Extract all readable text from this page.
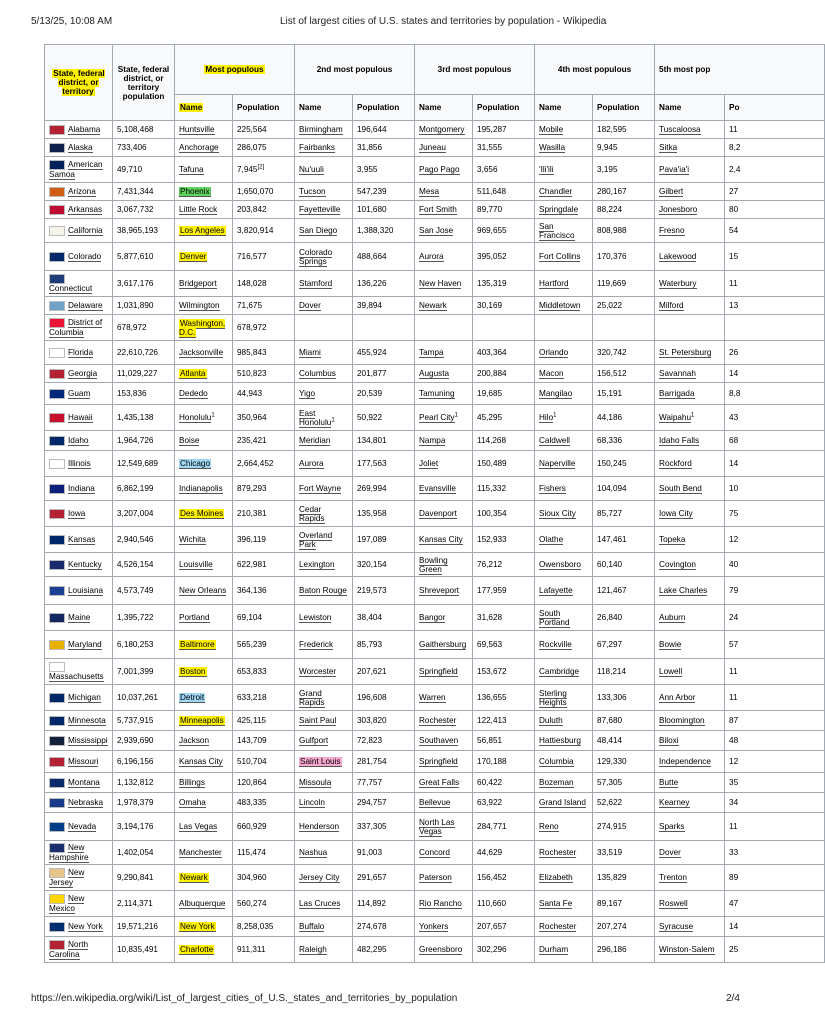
5/13/25, 10:08 AM	List of largest cities of U.S. states and territories by population - Wikipedia
State, federal district, or territory	State, federal district, or territory population	Most populous		2nd most populous		3rd most populous		4th most populous		5th most pop	
		Name	Population	Name	Population	Name	Population	Name	Population	Name	Po
Alabama	5,108,468	Huntsville	225,564	Birmingham	196,644	Montgomery	195,287	Mobile	182,595	Tuscaloosa	11
Alaska	733,406	Anchorage	286,075	Fairbanks	31,856	Juneau	31,555	Wasilla	9,945	Sitka	8,2
American Samoa	49,710	Tafuna	7,945[2]	Nu'uuli	3,955	Pago Pago	3,656	'Ili'ili	3,195	Pava'ia'i	2,4
Arizona	7,431,344	Phoenix	1,650,070	Tucson	547,239	Mesa	511,648	Chandler	280,167	Gilbert	27
Arkansas	3,067,732	Little Rock	203,842	Fayetteville	101,680	Fort Smith	89,770	Springdale	88,224	Jonesboro	80
California	38,965,193	Los Angeles	3,820,914	San Diego	1,388,320	San Jose	969,655	San Francisco	808,988	Fresno	54
Colorado	5,877,610	Denver	716,577	Colorado Springs	488,664	Aurora	395,052	Fort Collins	170,376	Lakewood	15
Connecticut	3,617,176	Bridgeport	148,028	Stamford	136,226	New Haven	135,319	Hartford	119,669	Waterbury	11
Delaware	1,031,890	Wilmington	71,675	Dover	39,894	Newark	30,169	Middletown	25,022	Milford	13
District of Columbia	678,972	Washington, D.C.	678,972								
Florida	22,610,726	Jacksonville	985,843	Miami	455,924	Tampa	403,364	Orlando	320,742	St. Petersburg	26
Georgia	11,029,227	Atlanta	510,823	Columbus	201,877	Augusta	200,884	Macon	156,512	Savannah	14
Guam	153,836	Dededo	44,943	Yigo	20,539	Tamuning	19,685	Mangilao	15,191	Barrigada	8,8
Hawaii	1,435,138	Honolulu$^1$	350,964	East Honolulu$^1$	50,922	Pearl City$^1$	45,295	Hilo$^1$	44,186	Waipahu$^1$	43
Idaho	1,964,726	Boise	235,421	Meridian	134,801	Nampa	114,268	Caldwell	68,336	Idaho Falls	68
Illinois	12,549,689	Chicago	2,664,452	Aurora	177,563	Joliet	150,489	Naperville	150,245	Rockford	14
Indiana	6,862,199	Indianapolis	879,293	Fort Wayne	269,994	Evansville	115,332	Fishers	104,094	South Bend	10
Iowa	3,207,004	Des Moines	210,381	Cedar Rapids	135,958	Davenport	100,354	Sioux City	85,727	Iowa City	75
Kansas	2,940,546	Wichita	396,119	Overland Park	197,089	Kansas City	152,933	Olathe	147,461	Topeka	12
Kentucky	4,526,154	Louisville	622,981	Lexington	320,154	Bowling Green	76,212	Owensboro	60,140	Covington	40
Louisiana	4,573,749	New Orleans	364,136	Baton Rouge	219,573	Shreveport	177,959	Lafayette	121,467	Lake Charles	79
Maine	1,395,722	Portland	69,104	Lewiston	38,404	Bangor	31,628	South Portland	26,840	Auburn	24
Maryland	6,180,253	Baltimore	565,239	Frederick	85,793	Gaithersburg	69,563	Rockville	67,297	Bowie	57
Massachusetts	7,001,399	Boston	653,833	Worcester	207,621	Springfield	153,672	Cambridge	118,214	Lowell	11
Michigan	10,037,261	Detroit	633,218	Grand Rapids	196,608	Warren	136,655	Sterling Heights	133,306	Ann Arbor	11
Minnesota	5,737,915	Minneapolis	425,115	Saint Paul	303,820	Rochester	122,413	Duluth	87,680	Bloomington	87
Mississippi	2,939,690	Jackson	143,709	Gulfport	72,823	Southaven	56,851	Hattiesburg	48,414	Biloxi	48
Missouri	6,196,156	Kansas City	510,704	Saint Louis	281,754	Springfield	170,188	Columbia	129,330	Independence	12
Montana	1,132,812	Billings	120,864	Missoula	77,757	Great Falls	60,422	Bozeman	57,305	Butte	35
Nebraska	1,978,379	Omaha	483,335	Lincoln	294,757	Bellevue	63,922	Grand Island	52,622	Kearney	34
Nevada	3,194,176	Las Vegas	660,929	Henderson	337,305	North Las Vegas	284,771	Reno	274,915	Sparks	11
New Hampshire	1,402,054	Manchester	115,474	Nashua	91,003	Concord	44,629	Rochester	33,519	Dover	33
New Jersey	9,290,841	Newark	304,960	Jersey City	291,657	Paterson	156,452	Elizabeth	135,829	Trenton	89
New Mexico	2,114,371	Albuquerque	560,274	Las Cruces	114,892	Rio Rancho	110,660	Santa Fe	89,167	Roswell	47
New York	19,571,216	New York	8,258,035	Buffalo	274,678	Yonkers	207,657	Rochester	207,274	Syracuse	14
North Carolina	10,835,491	Charlotte	911,311	Raleigh	482,295	Greensboro	302,296	Durham	296,186	Winston-Salem	25
https://en.wikipedia.org/wiki/List_of_largest_cities_of_U.S._states_and_territories_by_population	2/4
